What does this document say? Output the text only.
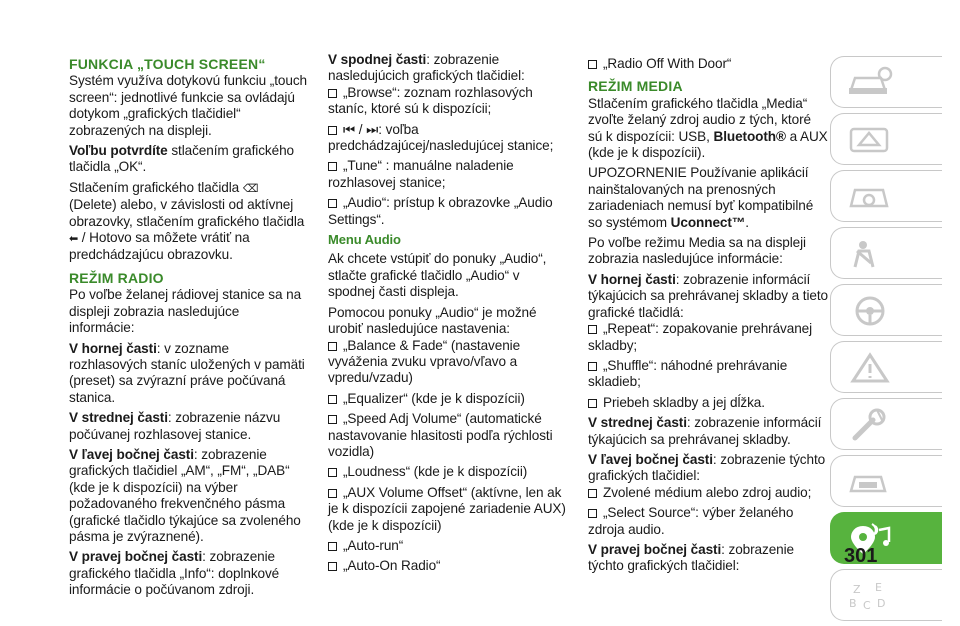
FUNKCIA „TOUCH SCREEN“

Systém využíva dotykovú funkciu „touch screen“: jednotlivé funkcie sa ovládajú dotykom „grafických tlačidiel“ zobrazených na displeji.

Voľbu potvrdíte stlačením grafického tlačidla „OK“.

Stlačením grafického tlačidla ⌫ (Delete) alebo, v závislosti od aktívnej obrazovky, stlačením grafického tlačidla ⬅ / Hotovo sa môžete vrátiť na predchádzajúcu obrazovku.

REŽIM RADIO

Po voľbe želanej rádiovej stanice sa na displeji zobrazia nasledujúce informácie:

V hornej časti: v zozname rozhlasových staníc uložených v pamäti (preset) sa zvýrazní práve počúvaná stanica.

V strednej časti: zobrazenie názvu počúvanej rozhlasovej stanice.

V ľavej bočnej časti: zobrazenie grafických tlačidiel „AM“, „FM“, „DAB“ (kde je k dispozícii) na výber požadovaného frekvenčného pásma (grafické tlačidlo týkajúce sa zvoleného pásma je zvýraznené).

V pravej bočnej časti: zobrazenie grafického tlačidla „Info“: doplnkové informácie o počúvanom zdroji.

V spodnej časti: zobrazenie nasledujúcich grafických tlačidiel:

„Browse“: zoznam rozhlasových staníc, ktoré sú k dispozícii;

⏮ / ⏭: voľba predchádzajúcej/nasledujúcej stanice;

„Tune“ : manuálne naladenie rozhlasovej stanice;

„Audio“: prístup k obrazovke „Audio Settings“.

Menu Audio

Ak chcete vstúpiť do ponuky „Audio“, stlačte grafické tlačidlo „Audio“ v spodnej časti displeja.

Pomocou ponuky „Audio“ je možné urobiť nasledujúce nastavenia:

„Balance & Fade“ (nastavenie vyváženia zvuku vpravo/vľavo a vpredu/vzadu)

„Equalizer“ (kde je k dispozícii)

„Speed Adj Volume“ (automatické nastavovanie hlasitosti podľa rýchlosti vozidla)

„Loudness“ (kde je k dispozícii)

„AUX Volume Offset“ (aktívne, len ak je k dispozícii zapojené zariadenie AUX) (kde je k dispozícii)

„Auto-run“

„Auto-On Radio“

„Radio Off With Door“

REŽIM MEDIA

Stlačením grafického tlačidla „Media“ zvoľte želaný zdroj audio z tých, ktoré sú k dispozícii: USB, Bluetooth® a AUX (kde je k dispozícii).

UPOZORNENIE Používanie aplikácií nainštalovaných na prenosných zariadeniach nemusí byť kompatibilné so systémom Uconnect™.

Po voľbe režimu Media sa na displeji zobrazia nasledujúce informácie:

V hornej časti: zobrazenie informácií týkajúcich sa prehrávanej skladby a tieto grafické tlačidlá:

„Repeat“: zopakovanie prehrávanej skladby;

„Shuffle“: náhodné prehrávanie skladieb;

Priebeh skladby a jej dĺžka.

V strednej časti: zobrazenie informácií týkajúcich sa prehrávanej skladby.

V ľavej bočnej časti: zobrazenie týchto grafických tlačidiel:

Zvolené médium alebo zdroj audio;

„Select Source“: výber želaného zdroja audio.

V pravej bočnej časti: zobrazenie týchto grafických tlačidiel:

Z E
B C D
301
